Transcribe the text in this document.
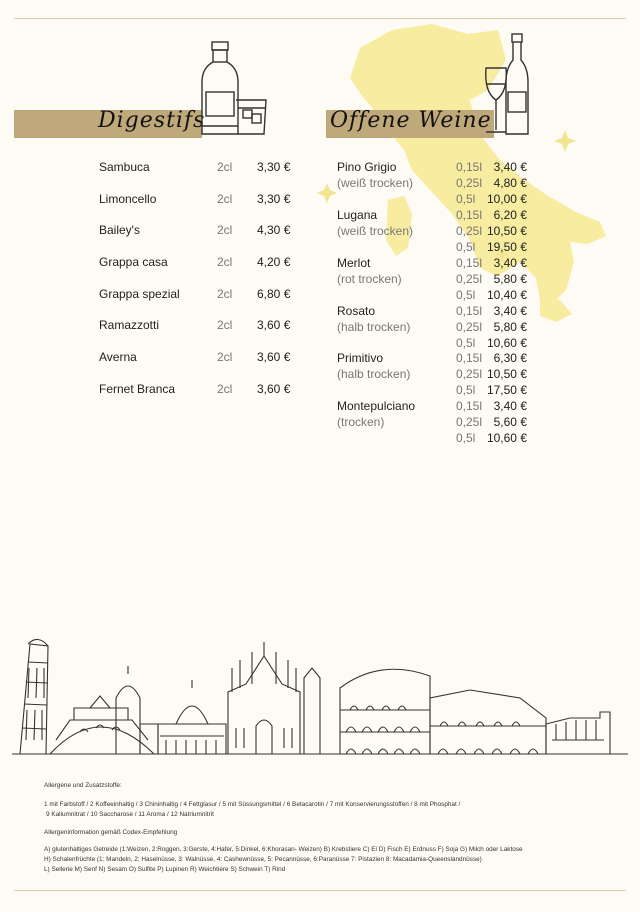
Digestifs	Offene Weine
Sambuca	2cl 3,30 €
Limoncello	2cl 3,30 €
Bailey's	2cl 4,30 €
Grappa casa	2cl 4,20 €
Grappa spezial	2cl 6,80 €
Ramazzotti	2cl 3,60 €
Averna	2cl 3,60 €
Fernet Branca	2cl 3,60 €
Pino Grigio
(weiß trocken)
0,15l 3,40 €
0,25l 4,80 €
0,5l 10,00 €
Lugana
(weiß trocken)
0,15l 6,20 €
0,25l 10,50 €
0,5l 19,50 €
Merlot
(rot trocken)
0,15l 3,40 €
0,25l 5,80 €
0,5l 10,40 €
Rosato
(halb trocken)
0,15l 3,40 €
0,25l 5,80 €
0,5l 10,60 €
Primitivo
(halb trocken)
0,15l 6,30 €
0,25l 10,50 €
0,5l 17,50 €
Montepulciano
(trocken)
0,15l 3,40 €
0,25l 5,60 €
0,5l 10,60 €
Allergene und Zusatzstoffe:
1 mit Farbstoff / 2 Koffeeinhaltig / 3 Chininhaltig / 4 Fettglasur / 5 mit Süssungsmittel / 6 Betacarotin / 7 mit Konservierungsstoffen / 8 mit Phosphat /
9 Kaliumnitrat / 10 Saccharose / 11 Aroma / 12 Natriumnitrit
Allergeninformation gemäß Codex-Empfehlung
A) glutenhaltiges Getreide (1:Weizen, 2:Roggen, 3:Gerste, 4:Hafer, 5:Dinkel, 6:Khorasan- Weizen) B) Krebstiere C) Ei D) Fisch E) Erdnuss F) Soja G) Milch oder Laktose
H) Schalenfrüchte (1: Mandeln, 2: Haselnüsse, 3: Walnüsse, 4: Cashewnüsse, 5: Pecannüsse, 6:Paranüsse 7: Pistazien 8: Macadamia-Queenslandnüsse)
L) Sellerie M) Senf N) Sesam O) Sulfite P) Lupinen R) Weichtiere S) Schwein T) Rind
